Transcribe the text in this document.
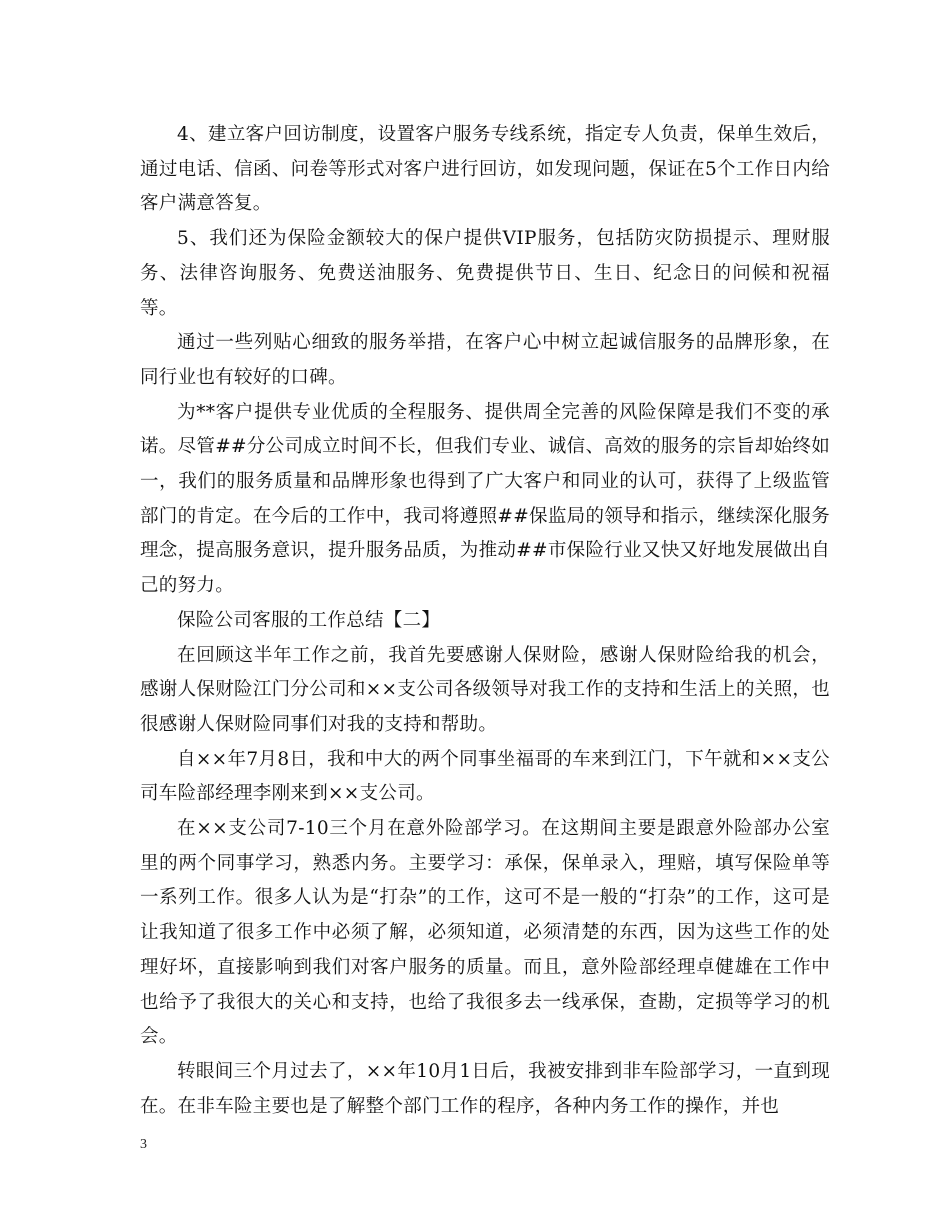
4、建立客户回访制度，设置客户服务专线系统，指定专人负责，保单生效后，通过电话、信函、问卷等形式对客户进行回访，如发现问题，保证在5个工作日内给客户满意答复。

5、我们还为保险金额较大的保户提供VIP服务，包括防灾防损提示、理财服务、法律咨询服务、免费送油服务、免费提供节日、生日、纪念日的问候和祝福等。

通过一些列贴心细致的服务举措，在客户心中树立起诚信服务的品牌形象，在同行业也有较好的口碑。

为**客户提供专业优质的全程服务、提供周全完善的风险保障是我们不变的承诺。尽管##分公司成立时间不长，但我们专业、诚信、高效的服务的宗旨却始终如一，我们的服务质量和品牌形象也得到了广大客户和同业的认可，获得了上级监管部门的肯定。在今后的工作中，我司将遵照##保监局的领导和指示，继续深化服务理念，提高服务意识，提升服务品质，为推动##市保险行业又快又好地发展做出自己的努力。

保险公司客服的工作总结【二】

在回顾这半年工作之前，我首先要感谢人保财险，感谢人保财险给我的机会，感谢人保财险江门分公司和××支公司各级领导对我工作的支持和生活上的关照，也很感谢人保财险同事们对我的支持和帮助。

自××年7月8日，我和中大的两个同事坐福哥的车来到江门，下午就和××支公司车险部经理李刚来到××支公司。

在××支公司7-10三个月在意外险部学习。在这期间主要是跟意外险部办公室里的两个同事学习，熟悉内务。主要学习：承保，保单录入，理赔，填写保险单等一系列工作。很多人认为是“打杂”的工作，这可不是一般的“打杂”的工作，这可是让我知道了很多工作中必须了解，必须知道，必须清楚的东西，因为这些工作的处理好坏，直接影响到我们对客户服务的质量。而且，意外险部经理卓健雄在工作中也给予了我很大的关心和支持，也给了我很多去一线承保，查勘，定损等学习的机会。

转眼间三个月过去了，××年10月1日后，我被安排到非车险部学习，一直到现在。在非车险主要也是了解整个部门工作的程序，各种内务工作的操作，并也

3
